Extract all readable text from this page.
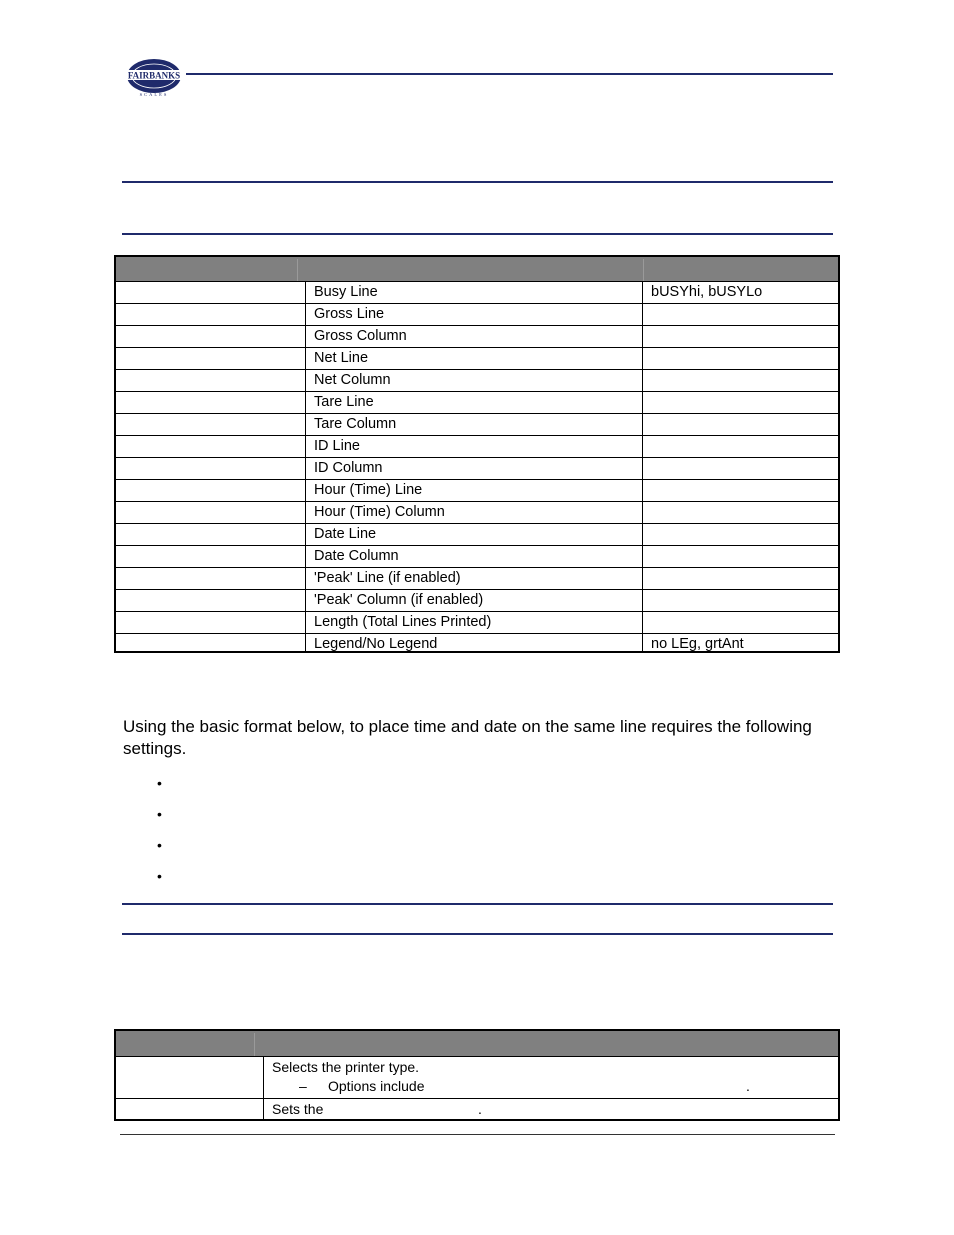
FAIRBANKS
SCALES
Busy Line	bUSYhi, bUSYLo
Gross Line
Gross Column
Net Line
Net Column
Tare Line
Tare Column
ID Line
ID Column
Hour (Time) Line
Hour (Time) Column
Date Line
Date Column
'Peak' Line (if enabled)
'Peak' Column (if enabled)
Length (Total Lines Printed)
Legend/No Legend	no LEg, grtAnt
Using the basic format below, to place time and date on the same line requires the following settings.
•
•
•
•
Selects the printer type.
– Options include	.
Sets the	.
